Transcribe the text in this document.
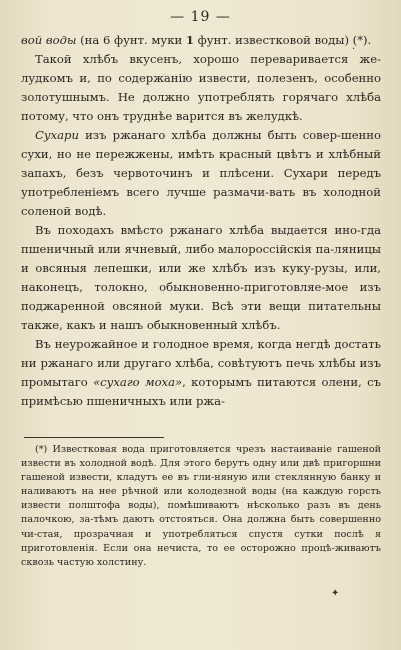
— 19 —

вой воды (на 6 фунт. муки 1 фунт. известковой воды) (*).

Такой хлѣбъ вкусенъ, хорошо переваривается же-лудкомъ и, по содержанію извести, полезенъ, особенно золотушнымъ. Не должно употреблять горячаго хлѣба потому, что онъ труднѣе варится въ желудкѣ.

Сухари изъ ржанаго хлѣба должны быть совер-шенно сухи, но не пережжены, имѣть красный цвѣтъ и хлѣбный запахъ, безъ червоточинъ и плѣсени. Сухари передъ употребленіемъ всего лучше размачи-вать въ холодной соленой водѣ.

Въ походахъ вмѣсто ржанаго хлѣба выдается ино-гда пшеничный или ячневый, либо малороссійскія па-ляницы и овсяныя лепешки, или же хлѣбъ изъ куку-рузы, или, наконецъ, толокно, обыкновенно-приготовляе-мое изъ поджаренной овсяной муки. Всѣ эти вещи питательны также, какъ и нашъ обыкновенный хлѣбъ.

Въ неурожайное и голодное время, когда негдѣ достать ни ржанаго или другаго хлѣба, совѣтуютъ печь хлѣбы изъ промытаго «сухаго моха», которымъ питаются олени, съ примѣсью пшеничныхъ или ржа-

(*) Известковая вода приготовляется чрезъ настаиваніе гашеной извести въ холодной водѣ. Для этого берутъ одну или двѣ пригоршни гашеной извести, кладутъ ее въ гли-няную или стеклянную банку и наливаютъ на нее рѣчной или колодезной воды (на каждую горсть извести полштофа воды), помѣшиваютъ нѣсколько разъ въ день палочкою, за-тѣмъ даютъ отстояться. Она должна быть совершенно чи-стая, прозрачная и употребляться спустя сутки послѣ я приготовленія. Если она нечиста, то ее осторожно процѣ-живаютъ сквозь частую холстину.

·
✦
